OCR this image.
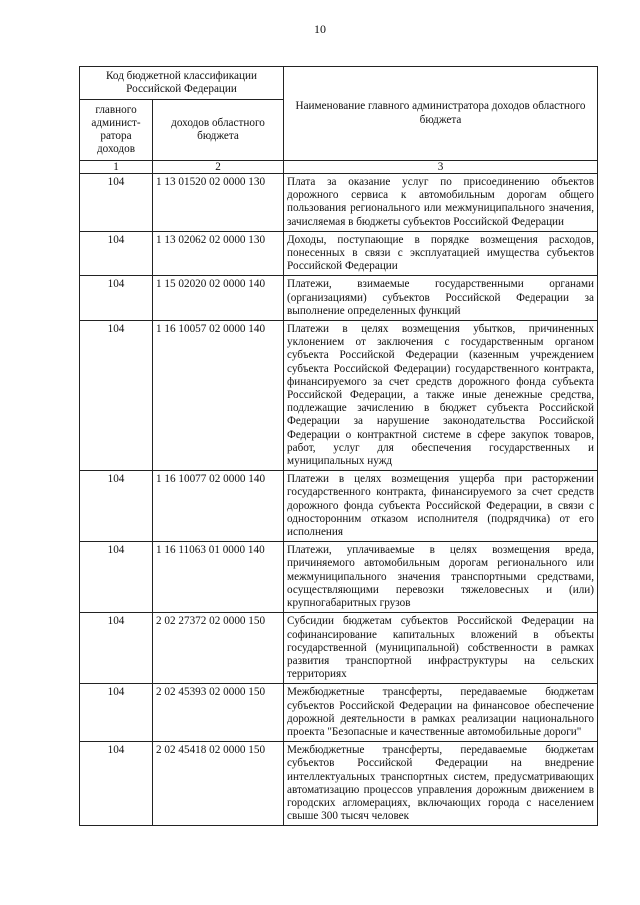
10
Код бюджетной классификации Российской Федерации		Наименование главного администратора доходов областного бюджета
главного админист-ратора доходов	доходов областного бюджета	
1	2	3
104	1 13 01520 02 0000 130	Плата за оказание услуг по присоединению объектов дорожного сервиса к автомобильным дорогам общего пользования регионального или межмуниципального значения, зачисляемая в бюджеты субъектов Российской Федерации
104	1 13 02062 02 0000 130	Доходы, поступающие в порядке возмещения расходов, понесенных в связи с эксплуатацией имущества субъектов Российской Федерации
104	1 15 02020 02 0000 140	Платежи, взимаемые государственными органами (организациями) субъектов Российской Федерации за выполнение определенных функций
104	1 16 10057 02 0000 140	Платежи в целях возмещения убытков, причиненных уклонением от заключения с государственным органом субъекта Российской Федерации (казенным учреждением субъекта Российской Федерации) государственного контракта, финансируемого за счет средств дорожного фонда субъекта Российской Федерации, а также иные денежные средства, подлежащие зачислению в бюджет субъекта Российской Федерации за нарушение законодательства Российской Федерации о контрактной системе в сфере закупок товаров, работ, услуг для обеспечения государственных и муниципальных нужд
104	1 16 10077 02 0000 140	Платежи в целях возмещения ущерба при расторжении государственного контракта, финансируемого за счет средств дорожного фонда субъекта Российской Федерации, в связи с односторонним отказом исполнителя (подрядчика) от его исполнения
104	1 16 11063 01 0000 140	Платежи, уплачиваемые в целях возмещения вреда, причиняемого автомобильным дорогам регионального или межмуниципального значения транспортными средствами, осуществляющими перевозки тяжеловесных и (или) крупногабаритных грузов
104	2 02 27372 02 0000 150	Субсидии бюджетам субъектов Российской Федерации на софинансирование капитальных вложений в объекты государственной (муниципальной) собственности в рамках развития транспортной инфраструктуры на сельских территориях
104	2 02 45393 02 0000 150	Межбюджетные трансферты, передаваемые бюджетам субъектов Российской Федерации на финансовое обеспечение дорожной деятельности в рамках реализации национального проекта "Безопасные и качественные автомобильные дороги"
104	2 02 45418 02 0000 150	Межбюджетные трансферты, передаваемые бюджетам субъектов Российской Федерации на внедрение интеллектуальных транспортных систем, предусматривающих автоматизацию процессов управления дорожным движением в городских агломерациях, включающих города с населением свыше 300 тысяч человек
